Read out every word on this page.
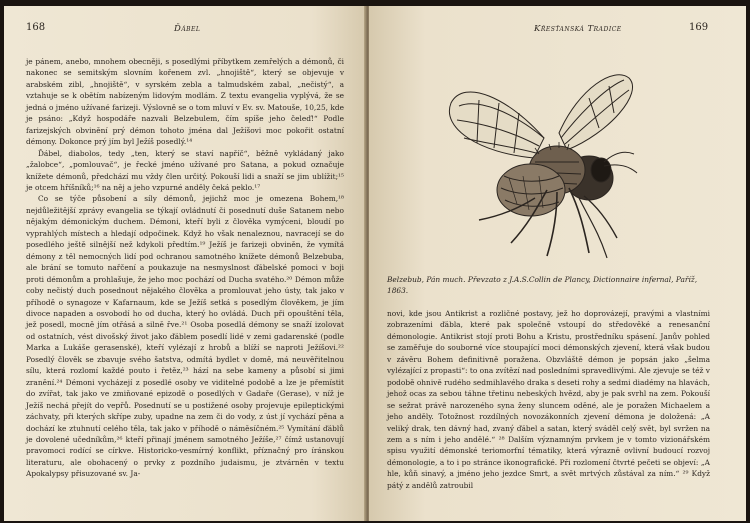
168	Ďábel

je pánem, anebo, mnohem obecněji, s posedlými příbytkem zemřelých a démonů, či nakonec se semitským slovním kořenem zvl. „hnojiště“, který se objevuje v arabském zibl, „hnojiště“, v syrském zebla a talmudském zabal, „nečistý“, a vztahuje se k obětím nabízeným lidovým modlám. Z textu evangelia vyplývá, že se jedná o jméno užívané farizeji. Výslovně se o tom mluví v Ev. sv. Matouše, 10,25, kde je psáno: „Když hospodáře nazvali Belzebulem, čím spíše jeho čeleď!“ Podle farizejských obvinění prý démon tohoto jména dal Ježíšovi moc pokořit ostatní démony. Dokonce prý jím byl Ježíš posedlý.¹⁴

Ďábel, diabolos, tedy „ten, který se staví napříč“, běžně vykládaný jako „žalobce“, „pomlouvač“, je řecké jméno užívané pro Satana, a pokud označuje knížete démonů, předchází mu vždy člen určitý. Pokouší lidi a snaží se jim ublížit;¹⁵ je otcem hříšníků;¹⁶ na něj a jeho vzpurné anděly čeká peklo.¹⁷

Co se týče působení a síly démonů, jejichž moc je omezena Bohem,¹⁸ nejdůležitější zprávy evangelia se týkají ovládnutí či posednutí duše Satanem nebo nějakým démonickým duchem. Démoni, kteří byli z člověka vymýceni, bloudí po vyprahlých místech a hledají odpočinek. Když ho však nenaleznou, navracejí se do posedlého ještě silnější než kdykoli předtím.¹⁹ Ježíš je farizeji obviněn, že vymítá démony z těl nemocných lidí pod ochranou samotného knížete démonů Belzebuba, ale brání se tomuto nařčení a poukazuje na nesmyslnost ďábelské pomoci v boji proti démonům a prohlašuje, že jeho moc pochází od Ducha svatého.²⁰ Démon může coby nečistý duch posednout nějakého člověka a promlouvat jeho ústy, tak jako v příhodě o synagoze v Kafarnaum, kde se Ježíš setká s posedlým člověkem, je jím divoce napaden a osvobodí ho od ducha, který ho ovládá. Duch při opouštění těla, jež posedl, mocně jím otřásá a silně řve.²¹ Osoba posedlá démony se snaží izolovat od ostatních, vést divošský život jako ďáblem posedlí lidé v zemi gadarenské (podle Marka a Lukáše gerasenské), kteří vylézají z hrobů a blíží se naproti Ježíšovi.²² Posedlý člověk se zbavuje svého šatstva, odmítá bydlet v domě, má neuvěřitelnou sílu, která rozlomí každé pouto i řetěz,²³ hází na sebe kameny a působí si jimi zranění.²⁴ Démoni vycházejí z posedlé osoby ve viditelné podobě a lze je přemístit do zvířat, tak jako ve zmiňované epizodě o posedlých v Gadaře (Gerase), v níž je Ježíš nechá přejít do vepřů. Posednutí se u postižené osoby projevuje epileptickými záchvaty, při kterých skřípe zuby, upadne na zem či do vody, z úst jí vychází pěna a dochází ke ztuhnutí celého těla, tak jako v příhodě o náměsíčném.²⁵ Vymítání ďáblů je dovolené učedníkům,²⁶ kteří přinají jménem samotného Ježíše,²⁷ čímž ustanovují pravomoci rodící se církve. Historicko-vesmírný konflikt, příznačný pro íránskou literaturu, ale obohacený o prvky z pozdního judaismu, je ztvárněn v textu Apokalypsy přisuzované sv. Ja-

Křesťanská Tradice	169
Belzebub, Pán much. Převzato z J.A.S.Collin de Plancy, Dictionnaire infernal, Paříž, 1863.

novi, kde jsou Antikrist a rozličné postavy, jež ho doprovázejí, pravými a vlastními zobrazeními ďábla, které pak společně vstoupí do středověké a renesanční démonologie. Antikrist stojí proti Bohu a Kristu, prostředníku spásení. Janův pohled se zaměřuje do souborné více stoupající moci démonských zjevení, která však budou v závěru Bohem definitivně poražena. Obzvláště démon je popsán jako „šelma vylézající z propasti“: to ona zvítězí nad posledními spravedlivými. Ale zjevuje se též v podobě ohnivě rudého sedmihlavého draka s deseti rohy a sedmi diadémy na hlavách, jehož ocas za sebou táhne třetinu nebeských hvězd, aby je pak svrhl na zem. Pokouší se sežrat právě narozeného syna ženy sluncem oděné, ale je poražen Michaelem a jeho anděly. Totožnost rozdílných novozákonních zjevení démona je doložená: „A veliký drak, ten dávný had, zvaný ďábel a satan, který sváděl celý svět, byl svržen na zem a s ním i jeho andělé.“ ²⁸ Dalším významným prvkem je v tomto vizionářském spisu využití démonské teriomorfní tématiky, která výrazně ovlivní budoucí rozvoj démonologie, a to i po stránce ikonografické. Při rozlomení čtvrté pečeti se objeví: „A hle, kůň sinavý, a jméno jeho jezdce Smrt, a svět mrtvých zůstával za ním.“ ²⁹ Když pátý z andělů zatroubil
